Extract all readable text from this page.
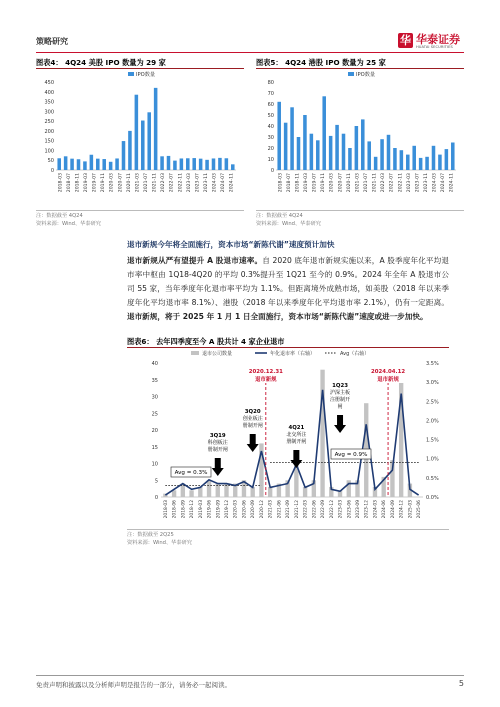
策略研究	华 华泰证券
HUATAI SECURITIES
图表4： 4Q24 美股 IPO 数量为 29 家
0
50
100
150
200
250
300
350
400
450
2018-03 2018-07 2018-11 2019-03 2019-07 2019-11 2020-03 2020-07 2020-11 2021-03 2021-07 2021-11 2022-03 2022-07 2022-11 2023-03 2023-07 2023-11 2024-03 2024-07 2024-11
IPO数量
注：数据截至 4Q24
资料来源：Wind、华泰研究
图表5： 4Q24 港股 IPO 数量为 25 家
0
10
20
30
40
50
60
70
80
2018-03 2018-07 2018-11 2019-03 2019-07 2019-11 2020-03 2020-07 2020-11 2021-03 2021-07 2021-11 2022-03 2022-07 2022-11 2023-03 2023-07 2023-11 2024-03 2024-07 2024-11
IPO数量
注：数据截至 4Q24
资料来源：Wind、华泰研究

退市新规今年将全面施行，资本市场“新陈代谢”速度预计加快

退市新规从严有望提升 A 股退市速率。自 2020 底年退市新规实施以来，A 股季度年化平均退市率中枢由 1Q18-4Q20 的平均 0.3%提升至 1Q21 至今的 0.9%。2024 年全年 A 股退市公司 55 家，当年季度年化退市率平均为 1.1%。但距离境外成熟市场，如美股（2018 年以来季度年化平均退市率 8.1%）、港股（2018 年以来季度年化平均退市率 2.1%），仍有一定距离。退市新规，将于 2025 年 1 月 1 日全面施行，资本市场“新陈代谢”速度或进一步加快。

图表6： 去年四季度至今 A 股共计 4 家企业退市
0
5
10
15
20
25
30
35
40
0.0%
0.5%
1.0%
1.5%
2.0%
2.5%
3.0%
3.5%
2020.12.31
退市新规
2024.04.12
退市新规
3Q19
科创板注
册制开闸
3Q20
创业板注
册制开闸	4Q21
北交所注
册制开闸
1Q23
沪深主板
注册制开
闸
Avg = 0.3%
Avg = 0.9%
退市公司数量	年化退市率（右轴）	Avg（右轴）
2018-03 2018-06 2018-09 2018-12 2019-03 2019-06 2019-09 2019-12 2020-03 2020-06 2020-09 2020-12 2021-03 2021-06 2021-09 2021-12 2022-03 2022-06 2022-09 2022-12 2023-03 2023-06 2023-09 2023-12 2024-03 2024-06 2024-09 2024-12 2025-03 2025-06
注：数据截至 2Q25
资料来源：Wind、华泰研究
免责声明和披露以及分析师声明是报告的一部分，请务必一起阅读。	5
